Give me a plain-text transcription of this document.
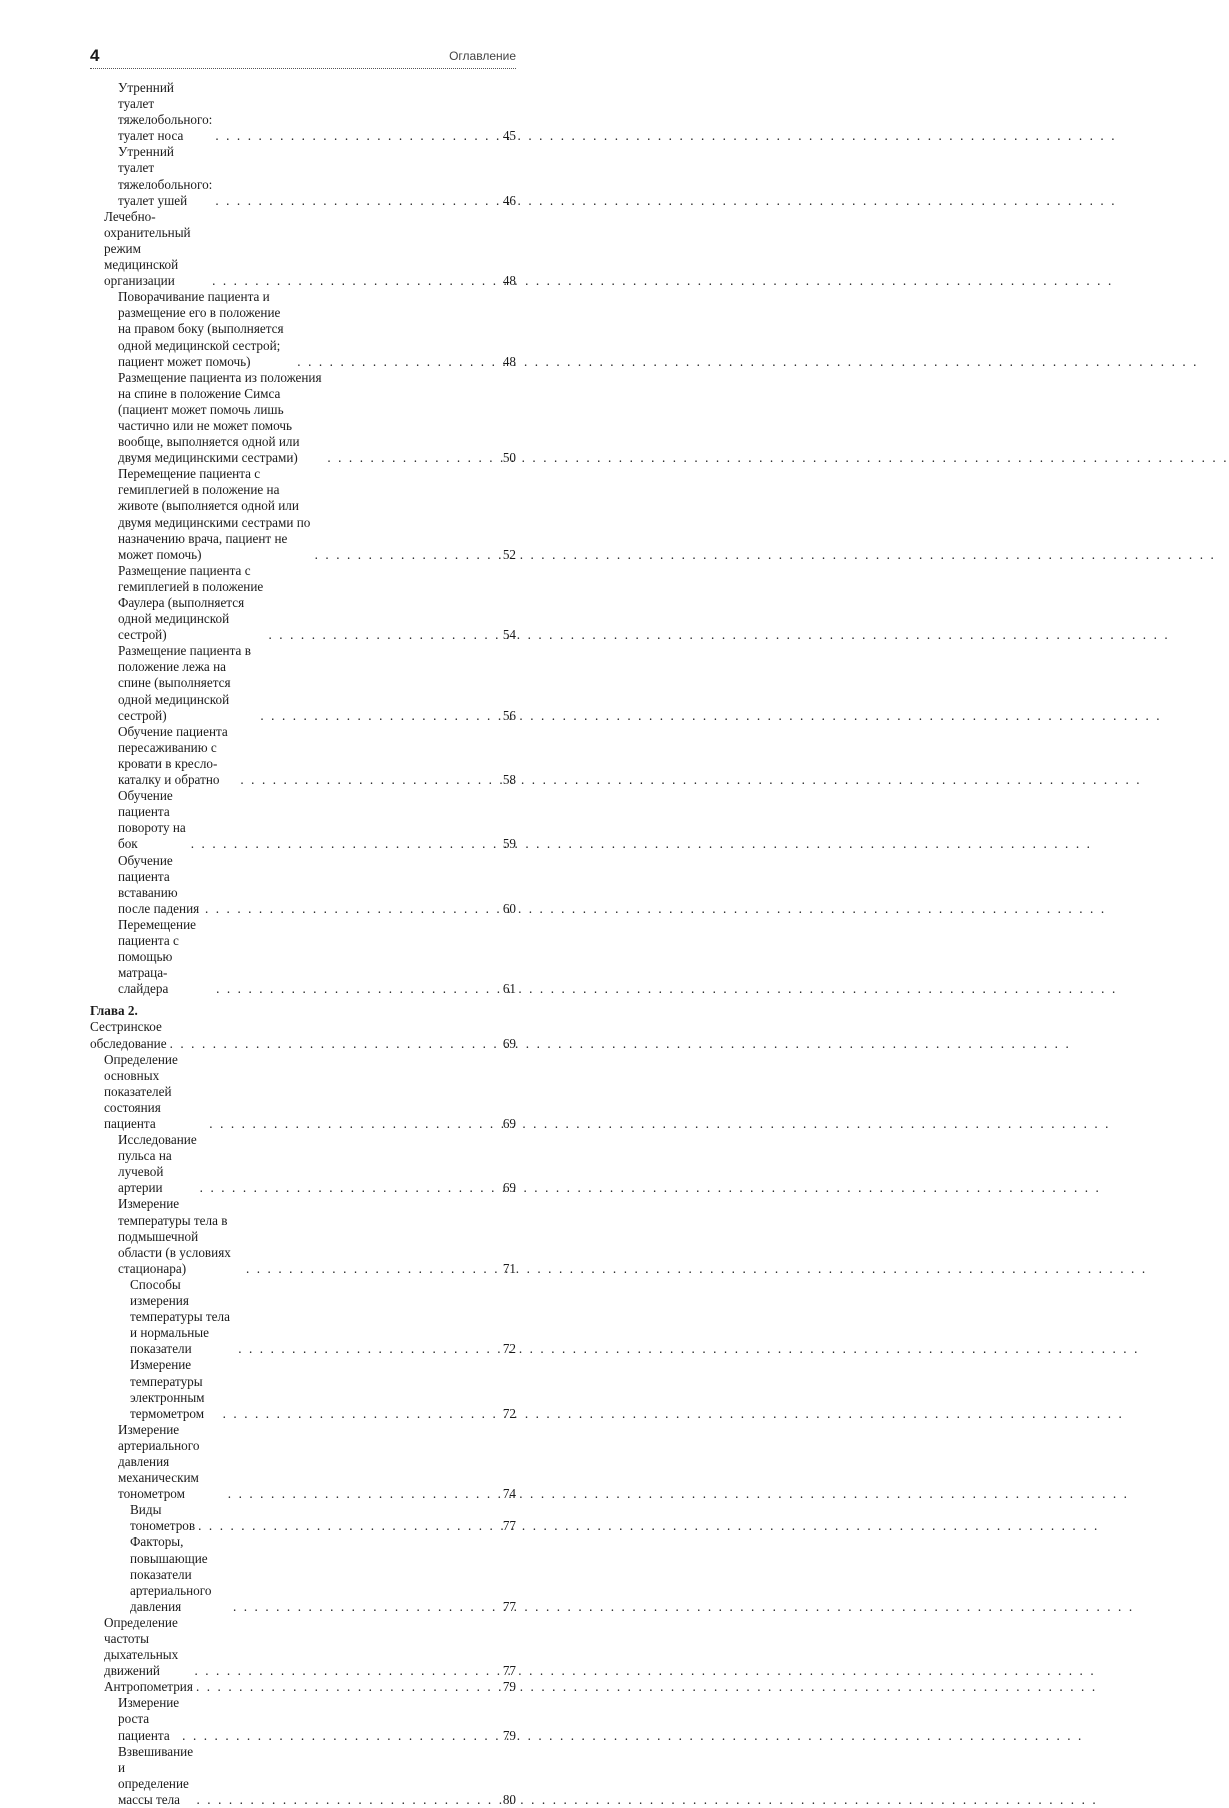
4	Оглавление
Утренний туалет тяжелобольного: туалет носа . . .	45
Утренний туалет тяжелобольного: туалет ушей . . .	46
Лечебно-охранительный режим медицинской организации . . .	48
Поворачивание пациента и размещение его в положение на правом боку (выполняется одной медицинской сестрой; пациент может помочь) . . .	48
Размещение пациента из положения на спине в положение Симса (пациент может помочь лишь частично или не может помочь вообще, выполняется одной или двумя медицинскими сестрами) . . .	50
Перемещение пациента с гемиплегией в положение на животе (выполняется одной или двумя медицинскими сестрами по назначению врача, пациент не может помочь) . . .	52
Размещение пациента с гемиплегией в положение Фаулера (выполняется одной медицинской сестрой) . . .	54
Размещение пациента в положение лежа на спине (выполняется одной медицинской сестрой) . . .	56
Обучение пациента пересаживанию с кровати в кресло-каталку и обратно . . .	58
Обучение пациента повороту на бок . . .	59
Обучение пациента вставанию после падения . . .	60
Перемещение пациента с помощью матраца-слайдера . . .	61
Глава 2. Сестринское обследование . . .	69
Определение основных показателей состояния пациента . . .	69
Исследование пульса на лучевой артерии . . .	69
Измерение температуры тела в подмышечной области (в условиях стационара) . . .	71
Способы измерения температуры тела и нормальные показатели . . .	72
Измерение температуры электронным термометром . . .	72
Измерение артериального давления механическим тонометром . . .	74
Виды тонометров . . .	77
Факторы, повышающие показатели артериального давления . . .	77
Определение частоты дыхательных движений . . .	77
Антропометрия . . .	79
Измерение роста пациента . . .	79
Взвешивание и определение массы тела . . .	80
